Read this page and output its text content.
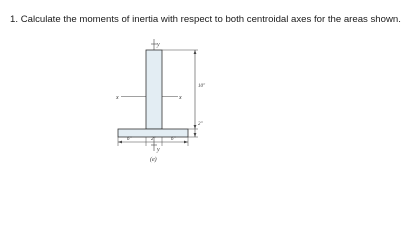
1. Calculate the moments of inertia with respect to both centroidal axes for the areas shown.
y
y
x	x
10"
2"
6"	2"	6"
(e)
